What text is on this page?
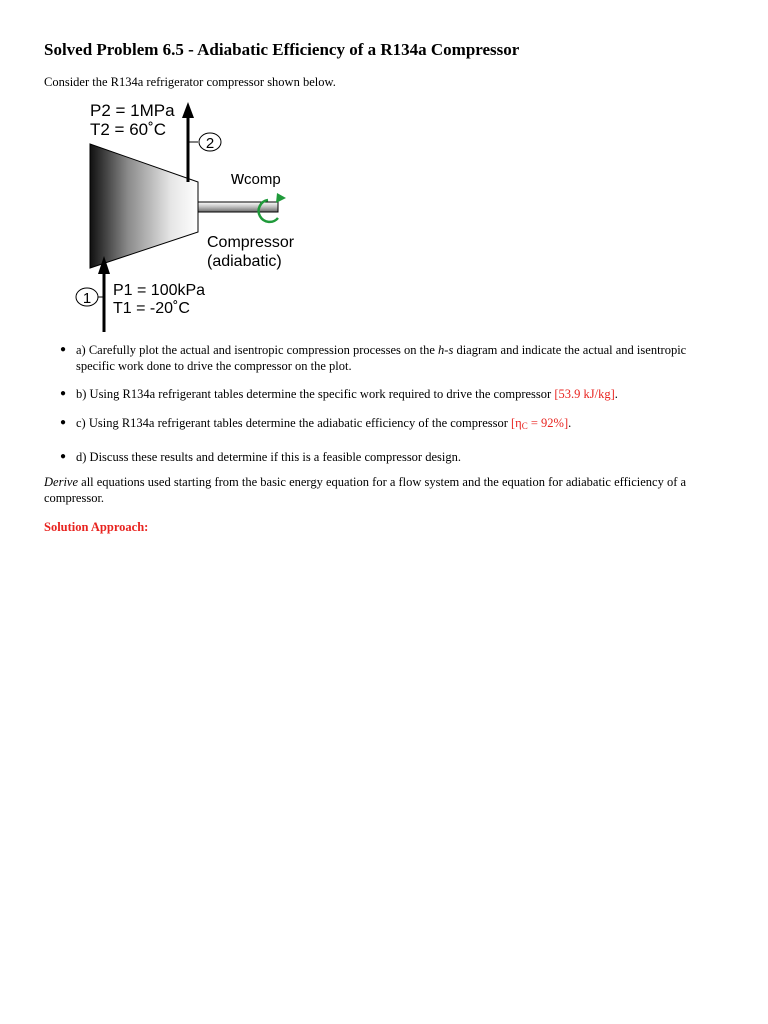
Solved Problem 6.5 - Adiabatic Efficiency of a R134a Compressor

Consider the R134a refrigerator compressor shown below.

P2 = 1MPa
T2 = 60˚C
2
wcomp
Compressor
(adiabatic)
1 P1 = 100kPa
T1 = -20˚C
● a) Carefully plot the actual and isentropic compression processes on the h-s diagram and indicate the actual and isentropic specific work done to drive the compressor on the plot.
● b) Using R134a refrigerant tables determine the specific work required to drive the compressor [53.9 kJ/kg].
● c) Using R134a refrigerant tables determine the adiabatic efficiency of the compressor $[\eta_C = 92\%]$.
● d) Discuss these results and determine if this is a feasible compressor design.

Derive all equations used starting from the basic energy equation for a flow system and the equation for adiabatic efficiency of a compressor.

Solution Approach:
